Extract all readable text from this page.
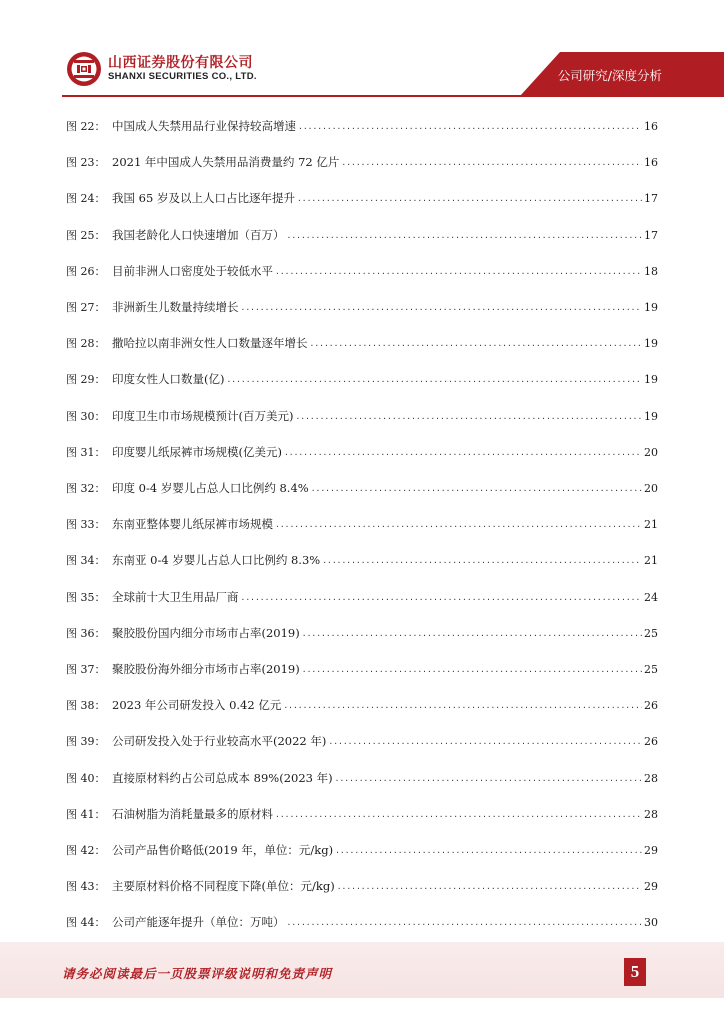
山西证券股份有限公司
SHANXI SECURITIES CO., LTD.	公司研究/深度分析
图 22： 中国成人失禁用品行业保持较高增速 .....	16
图 23： 2021 年中国成人失禁用品消费量约 72 亿片 .....	16
图 24： 我国 65 岁及以上人口占比逐年提升 .....	17
图 25： 我国老龄化人口快速增加（百万） .....	17
图 26： 目前非洲人口密度处于较低水平 .....	18
图 27： 非洲新生儿数量持续增长 .....	19
图 28： 撒哈拉以南非洲女性人口数量逐年增长 .....	19
图 29： 印度女性人口数量(亿) .....	19
图 30： 印度卫生巾市场规模预计(百万美元) .....	19
图 31： 印度婴儿纸尿裤市场规模(亿美元) .....	20
图 32： 印度 0-4 岁婴儿占总人口比例约 8.4% .....	20
图 33： 东南亚整体婴儿纸尿裤市场规模 .....	21
图 34： 东南亚 0-4 岁婴儿占总人口比例约 8.3% .....	21
图 35： 全球前十大卫生用品厂商 .....	24
图 36： 聚胶股份国内细分市场市占率(2019) .....	25
图 37： 聚胶股份海外细分市场市占率(2019) .....	25
图 38： 2023 年公司研发投入 0.42 亿元 .....	26
图 39： 公司研发投入处于行业较高水平(2022 年) .....	26
图 40： 直接原材料约占公司总成本 89%(2023 年) .....	28
图 41： 石油树脂为消耗量最多的原材料 .....	28
图 42： 公司产品售价略低(2019 年，单位：元/kg) .....	29
图 43： 主要原材料价格不同程度下降(单位：元/kg) .....	29
图 44： 公司产能逐年提升（单位：万吨） .....	30
请务必阅读最后一页股票评级说明和免责声明	5
